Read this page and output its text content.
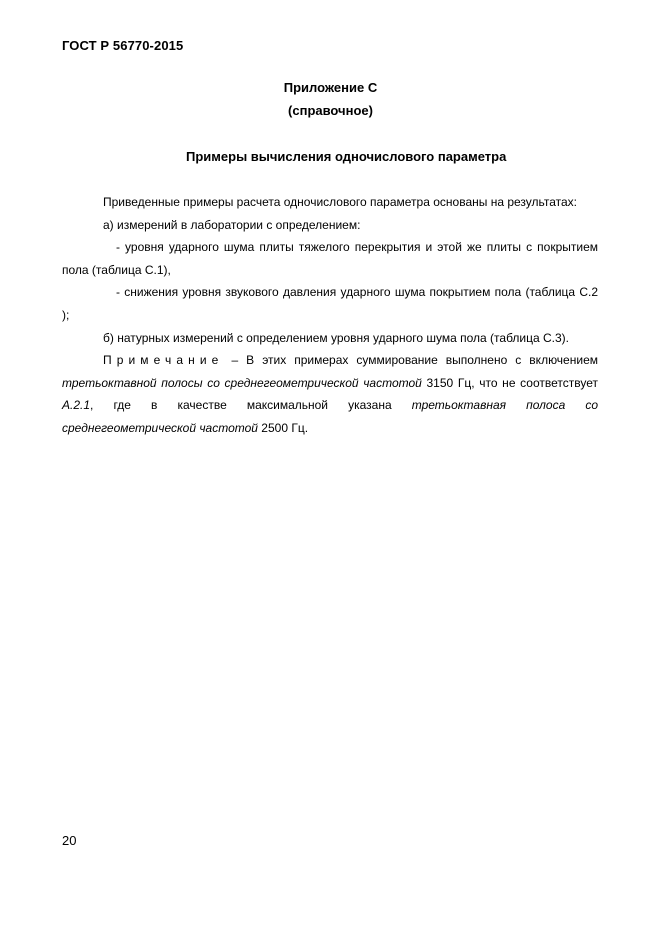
ГОСТ Р 56770-2015
Приложение С
(справочное)
Примеры вычисления одночислового параметра

Приведенные примеры расчета одночислового параметра основаны на результатах:

а) измерений в лаборатории с определением:

- уровня ударного шума плиты тяжелого перекрытия и этой же плиты с покрытием пола (таблица С.1),

- снижения уровня звукового давления ударного шума покрытием пола (таблица С.2 );

б) натурных измерений с определением уровня ударного шума пола (таблица С.3).

Примечание – В этих примерах суммирование выполнено с включением третьоктавной полосы со среднегеометрической частотой 3150 Гц, что не соответствует А.2.1, где в качестве максимальной указана третьоктавная полоса со среднегеометрической частотой 2500 Гц.

20
